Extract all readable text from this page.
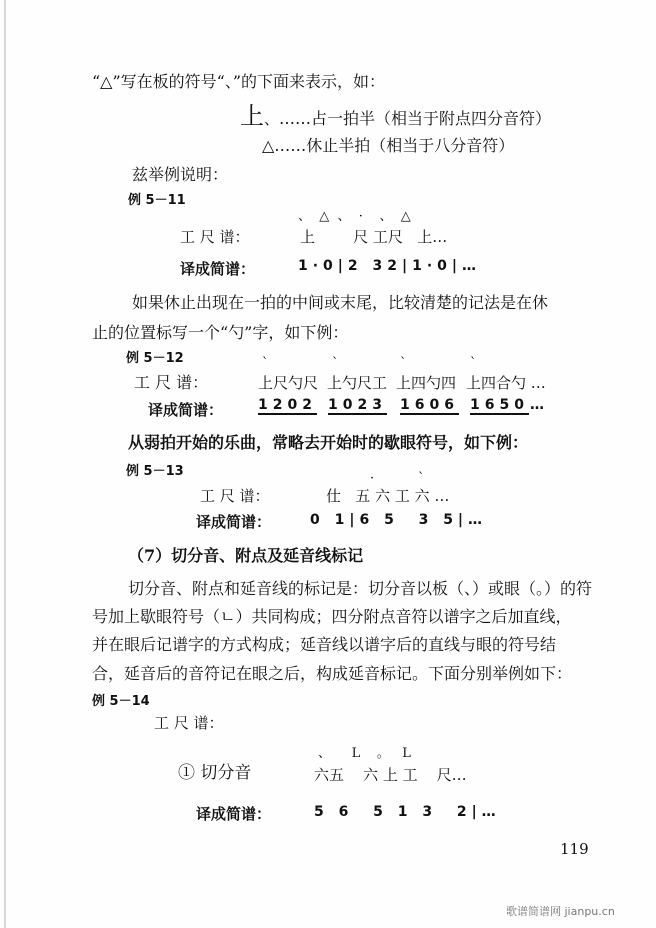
“△”写在板的符号“、”的下面来表示，如：
上、……占一拍半（相当于附点四分音符）
△……休止半拍（相当于八分音符）
兹举例说明：
例 5－11
、  △  、  ·    、  △
工 尺 谱：	上        尺 工尺   上…
译成简谱：	1·0|2 32|1·0|…
如果休止出现在一拍的中间或末尾，比较清楚的记法是在休
止的位置标写一个“勺”字，如下例：
例 5－12	ˋ	ˋ	ˋ	ˋ
工 尺 谱：	上尺勺尺 上勺尺工 上四勺四 上四合勺 …
译成简谱： 1202 1023 1606 1650 …
从弱拍开始的乐曲，常略去开始时的歇眼符号，如下例：
例 5－13	·	ˋ
工 尺 谱：	仕   五 六 工 六 …
译成简谱：	0 1|6 5  3 5|…
（7）切分音、附点及延音线标记
切分音、附点和延音线的标记是：切分音以板（、）或眼（。）的符
号加上歇眼符号（ㄴ）共同构成；四分附点音符以谱字之后加直线，
并在眼后记谱字的方式构成；延音线以谱字后的直线与眼的符号结
合，延音后的音符记在眼之后，构成延音标记。下面分别举例如下：
例 5－14
工 尺 谱：
① 切分音
、     L    。   L
六五    六 上 工    尺…
译成简谱：	5 6  5 1 3  2|…
119
歌谱简谱网 jianpu.cn
